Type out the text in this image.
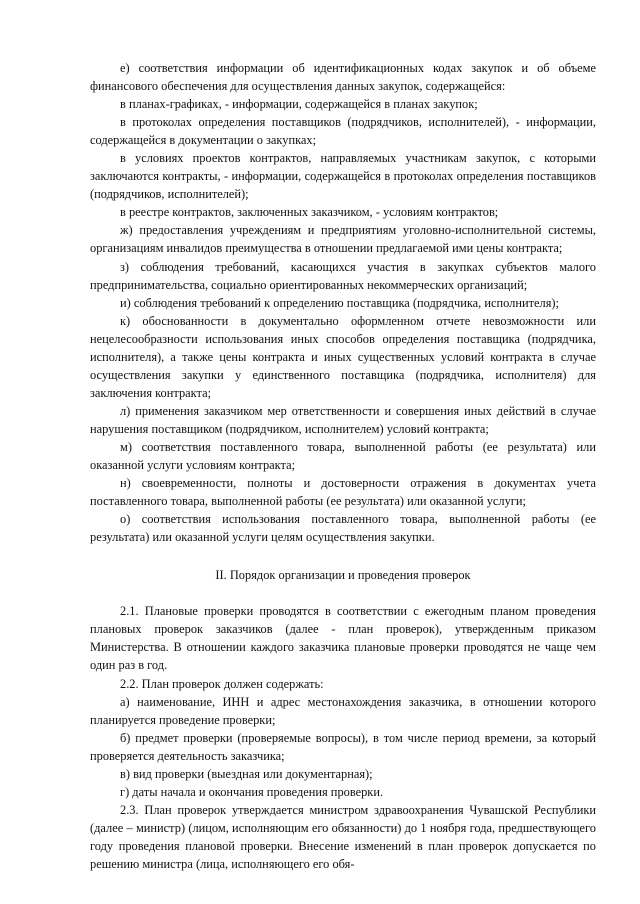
е) соответствия информации об идентификационных кодах закупок и об объеме финансового обеспечения для осуществления данных закупок, содержащейся:

в планах-графиках, - информации, содержащейся в планах закупок;

в протоколах определения поставщиков (подрядчиков, исполнителей), - информации, содержащейся в документации о закупках;

в условиях проектов контрактов, направляемых участникам закупок, с которыми заключаются контракты, - информации, содержащейся в протоколах определения поставщиков (подрядчиков, исполнителей);

в реестре контрактов, заключенных заказчиком, - условиям контрактов;

ж) предоставления учреждениям и предприятиям уголовно-исполнительной системы, организациям инвалидов преимущества в отношении предлагаемой ими цены контракта;

з) соблюдения требований, касающихся участия в закупках субъектов малого предпринимательства, социально ориентированных некоммерческих организаций;

и) соблюдения требований к определению поставщика (подрядчика, исполнителя);

к) обоснованности в документально оформленном отчете невозможности или нецелесообразности использования иных способов определения поставщика (подрядчика, исполнителя), а также цены контракта и иных существенных условий контракта в случае осуществления закупки у единственного поставщика (подрядчика, исполнителя) для заключения контракта;

л) применения заказчиком мер ответственности и совершения иных действий в случае нарушения поставщиком (подрядчиком, исполнителем) условий контракта;

м) соответствия поставленного товара, выполненной работы (ее результата) или оказанной услуги условиям контракта;

н) своевременности, полноты и достоверности отражения в документах учета поставленного товара, выполненной работы (ее результата) или оказанной услуги;

о) соответствия использования поставленного товара, выполненной работы (ее результата) или оказанной услуги целям осуществления закупки.

II. Порядок организации и проведения проверок

2.1. Плановые проверки проводятся в соответствии с ежегодным планом проведения плановых проверок заказчиков (далее - план проверок), утвержденным приказом Министерства. В отношении каждого заказчика плановые проверки проводятся не чаще чем один раз в год.

2.2. План проверок должен содержать:

а) наименование, ИНН и адрес местонахождения заказчика, в отношении которого планируется проведение проверки;

б) предмет проверки (проверяемые вопросы), в том числе период времени, за который проверяется деятельность заказчика;

в) вид проверки (выездная или документарная);

г) даты начала и окончания проведения проверки.

2.3. План проверок утверждается министром здравоохранения Чувашской Республики (далее – министр) (лицом, исполняющим его обязанности) до 1 ноября года, предшествующего году проведения плановой проверки. Внесение изменений в план проверок допускается по решению министра (лица, исполняющего его обя-
